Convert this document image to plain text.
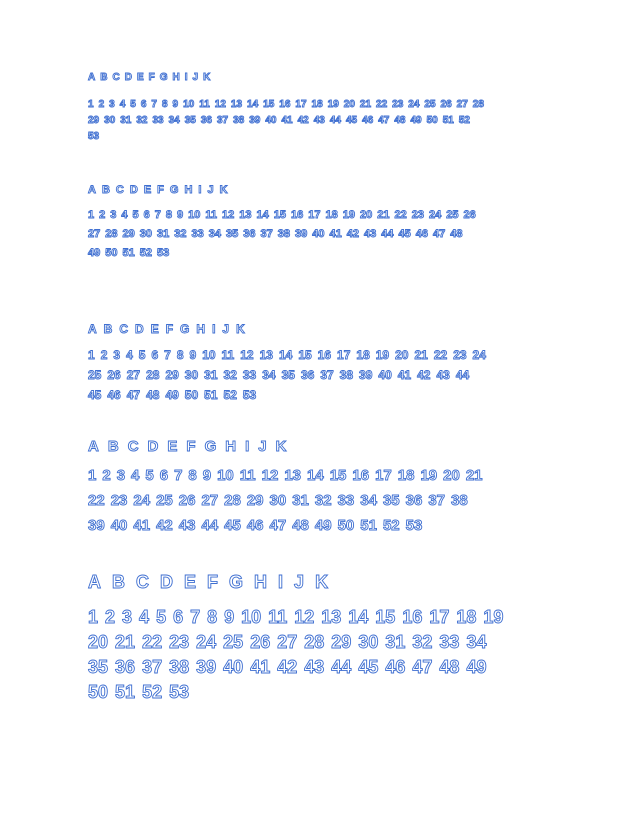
A B C D E F G H I J K
1 2 3 4 5 6 7 8 9 10 11 12 13 14 15 16 17 18 19 20 21 22 23 24 25 26 27 28
29 30 31 32 33 34 35 36 37 38 39 40 41 42 43 44 45 46 47 48 49 50 51 52
53
A B C D E F G H I J K
1 2 3 4 5 6 7 8 9 10 11 12 13 14 15 16 17 18 19 20 21 22 23 24 25 26
27 28 29 30 31 32 33 34 35 36 37 38 39 40 41 42 43 44 45 46 47 48
49 50 51 52 53
A B C D E F G H I J K
1 2 3 4 5 6 7 8 9 10 11 12 13 14 15 16 17 18 19 20 21 22 23 24
25 26 27 28 29 30 31 32 33 34 35 36 37 38 39 40 41 42 43 44
45 46 47 48 49 50 51 52 53
A B C D E F G H I J K
1 2 3 4 5 6 7 8 9 10 11 12 13 14 15 16 17 18 19 20 21
22 23 24 25 26 27 28 29 30 31 32 33 34 35 36 37 38
39 40 41 42 43 44 45 46 47 48 49 50 51 52 53
A B C D E F G H I J K
1 2 3 4 5 6 7 8 9 10 11 12 13 14 15 16 17 18 19
20 21 22 23 24 25 26 27 28 29 30 31 32 33 34
35 36 37 38 39 40 41 42 43 44 45 46 47 48 49
50 51 52 53
